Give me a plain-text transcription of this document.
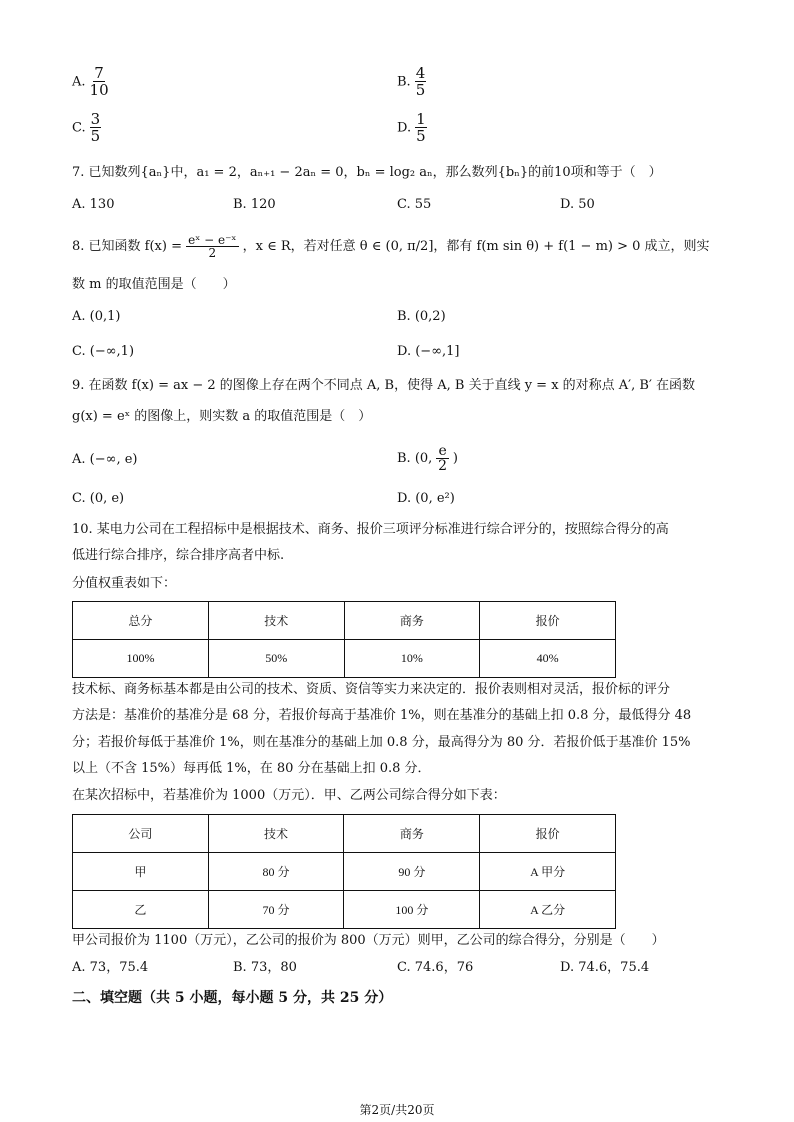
A. $\frac{7}{10}$	B. $\frac{4}{5}$
C. $\frac{3}{5}$	D. $\frac{1}{5}$
7. 已知数列{aₙ}中，a₁ = 2，aₙ₊₁ − 2aₙ = 0，bₙ = log₂ aₙ，那么数列{bₙ}的前10项和等于（　）
A. 130	B. 120	C. 55	D. 50
8. 已知函数 $f(x) = \frac{\text{eˣ − e⁻ˣ}}{2}$ ，x ∈ R，若对任意 θ ∈ (0, π/2]，都有 f(m sin θ) + f(1 − m) > 0 成立，则实
数 m 的取值范围是（　　）
A. (0,1)	B. (0,2)
C. (−∞,1)	D. (−∞,1]
9. 在函数 f(x) = ax − 2 的图像上存在两个不同点 A, B，使得 A, B 关于直线 y = x 的对称点 A′, B′ 在函数
g(x) = eˣ 的图像上，则实数 a 的取值范围是（　）
A. (−∞, e)	B. (0, $\frac{e}{2}$ )
C. (0, e)	D. (0, e²)
10. 某电力公司在工程招标中是根据技术、商务、报价三项评分标准进行综合评分的，按照综合得分的高
低进行综合排序，综合排序高者中标.
分值权重表如下：
总分	技术	商务	报价
100%	50%	10%	40%
技术标、商务标基本都是由公司的技术、资质、资信等实力来决定的．报价表则相对灵活，报价标的评分
方法是：基准价的基准分是 68 分，若报价每高于基准价 1%，则在基准分的基础上扣 0.8 分，最低得分 48
分；若报价每低于基准价 1%，则在基准分的基础上加 0.8 分，最高得分为 80 分．若报价低于基准价 15%
以上（不含 15%）每再低 1%，在 80 分在基础上扣 0.8 分．
在某次招标中，若基准价为 1000（万元）．甲、乙两公司综合得分如下表：
公司	技术	商务	报价
甲	80 分	90 分	A 甲分
乙	70 分	100 分	A 乙分
甲公司报价为 1100（万元），乙公司的报价为 800（万元）则甲，乙公司的综合得分，分别是（　　）
A. 73，75.4	B. 73，80	C. 74.6，76	D. 74.6，75.4
二、填空题（共 5 小题，每小题 5 分，共 25 分）
第2页/共20页
